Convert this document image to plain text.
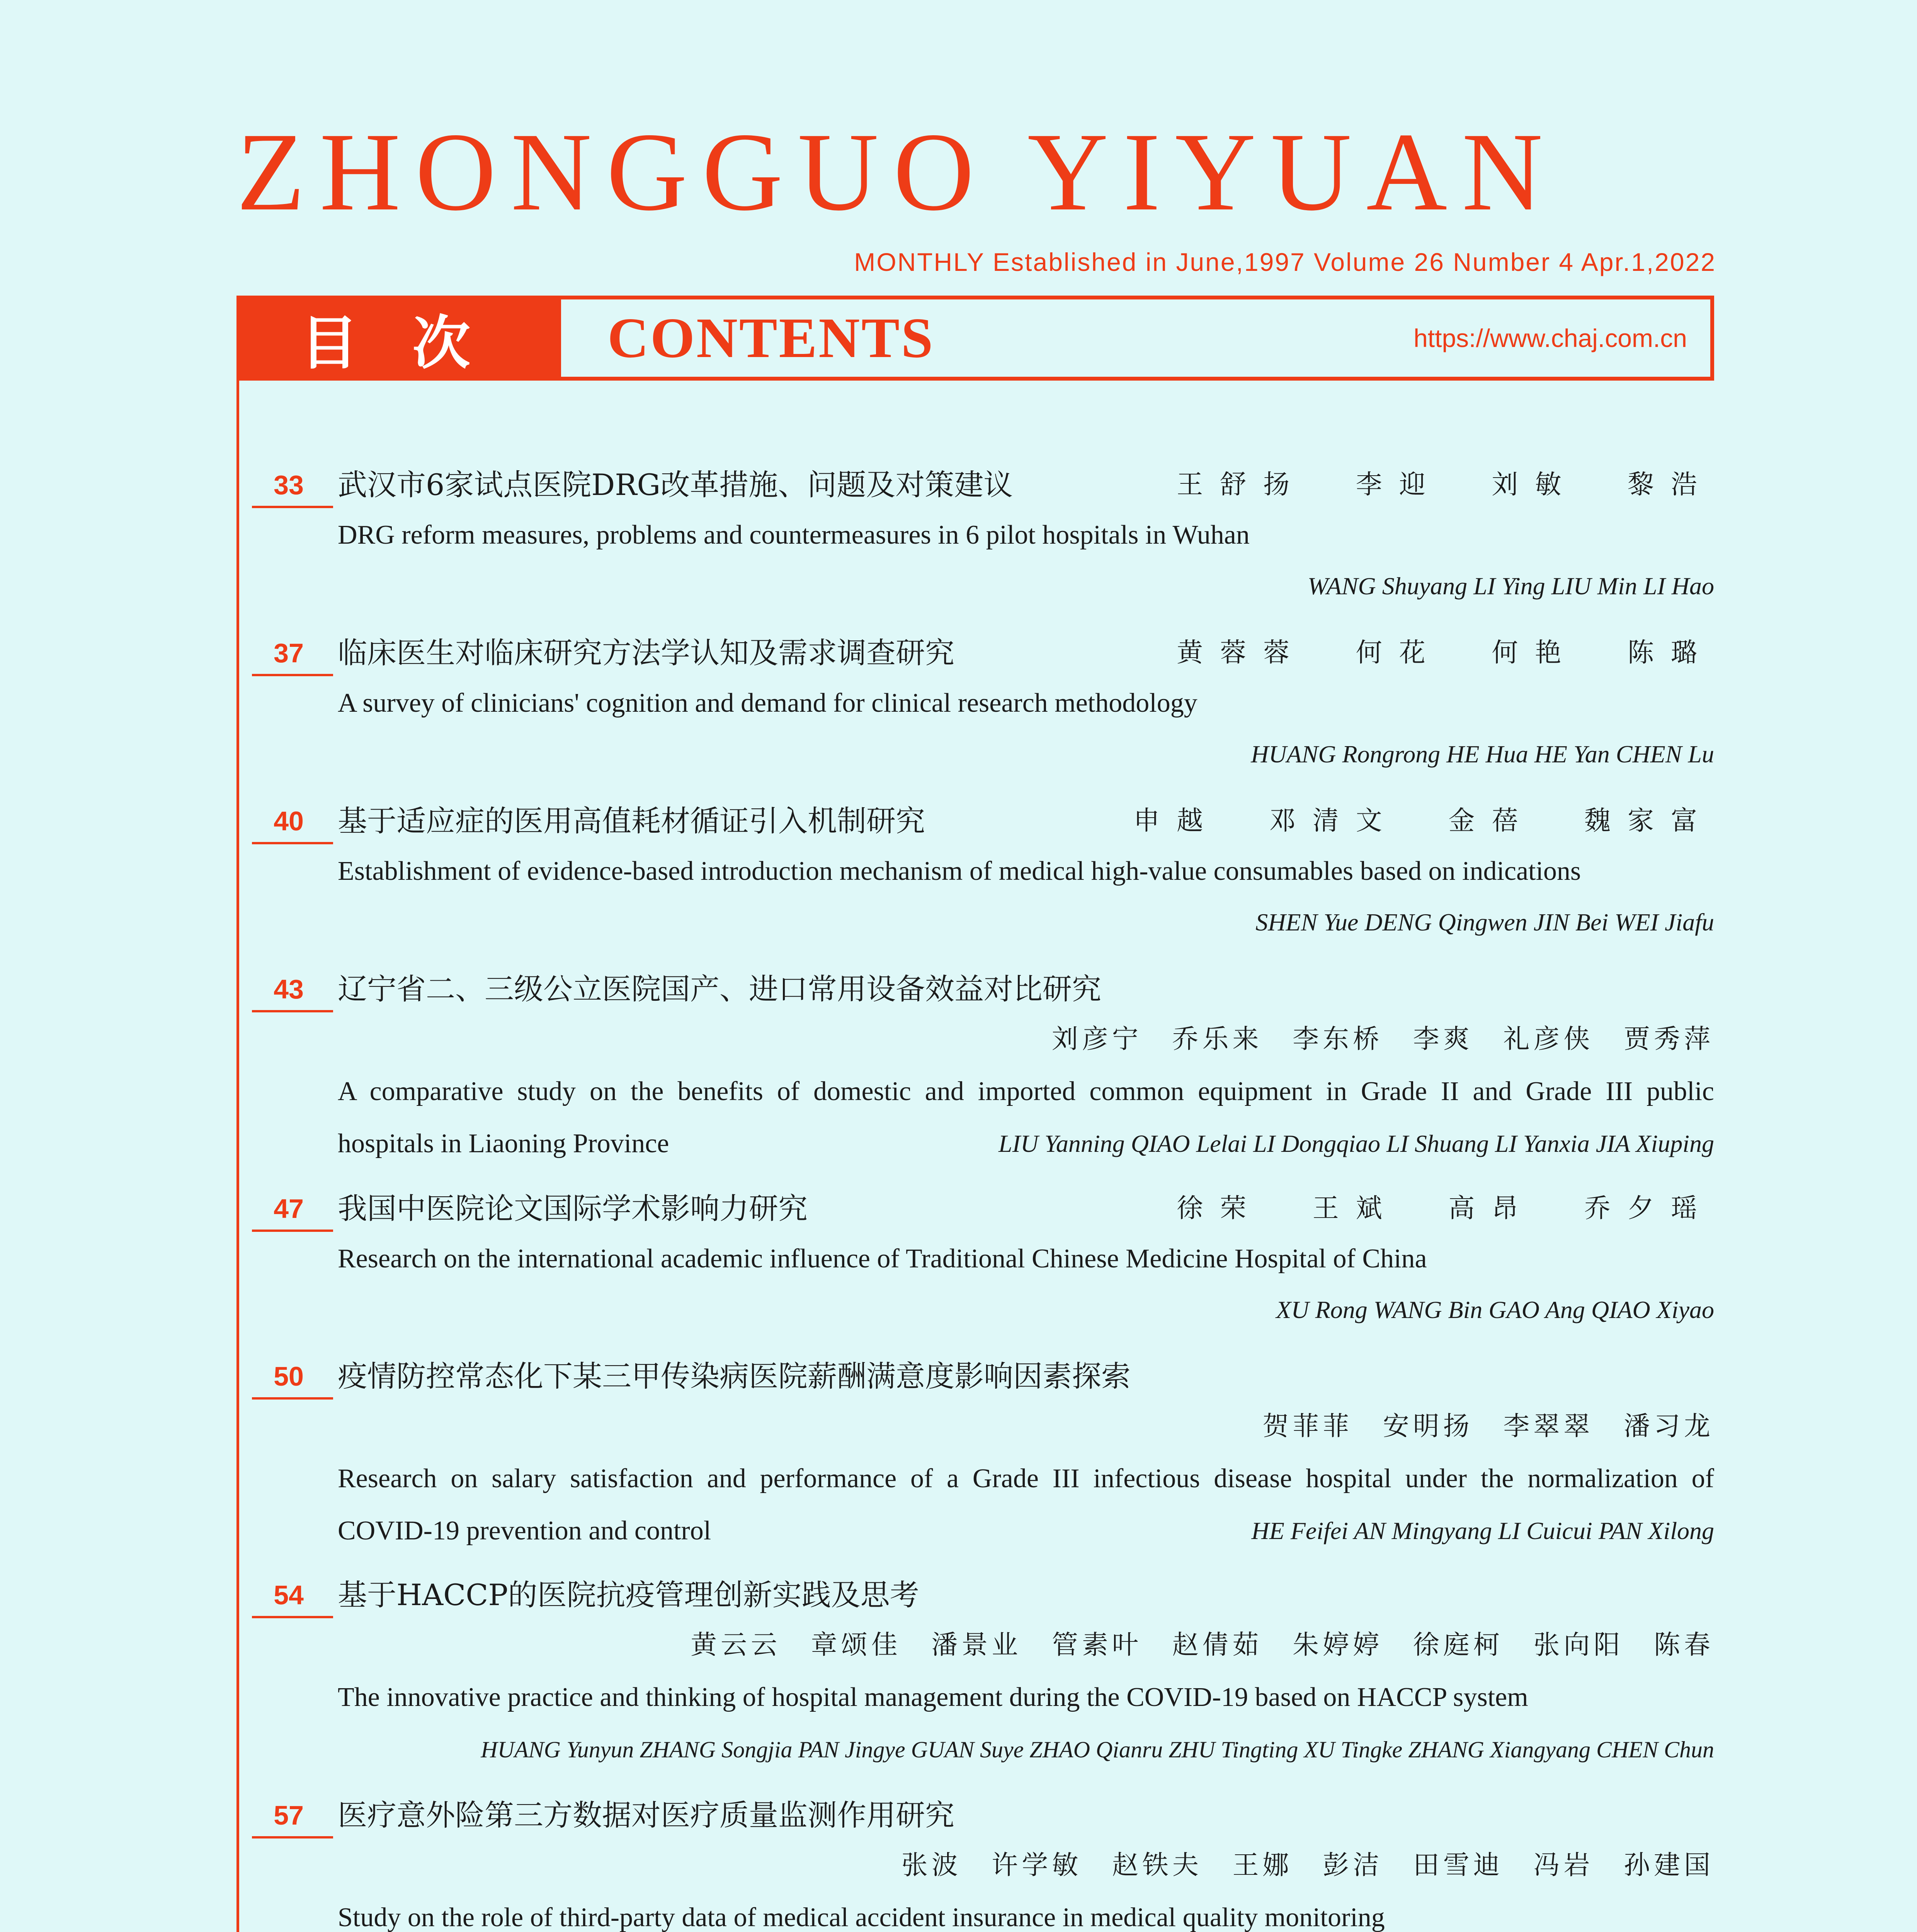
ZHONGGUO YIYUAN
MONTHLY Established in June,1997 Volume 26 Number 4 Apr.1,2022
目次	CONTENTS	https://www.chaj.com.cn
33	武汉市6家试点医院DRG改革措施、问题及对策建议	王舒扬 李迎 刘敏 黎浩
DRG reform measures, problems and countermeasures in 6 pilot hospitals in Wuhan
WANG Shuyang LI Ying LIU Min LI Hao
37	临床医生对临床研究方法学认知及需求调查研究	黄蓉蓉 何花 何艳 陈璐
A survey of clinicians' cognition and demand for clinical research methodology
HUANG Rongrong HE Hua HE Yan CHEN Lu
40	基于适应症的医用高值耗材循证引入机制研究	申越 邓清文 金蓓 魏家富
Establishment of evidence-based introduction mechanism of medical high-value consumables based on indications
SHEN Yue DENG Qingwen JIN Bei WEI Jiafu
43	辽宁省二、三级公立医院国产、进口常用设备效益对比研究
刘彦宁 乔乐来 李东桥 李爽 礼彦侠 贾秀萍
A comparative study on the benefits of domestic and imported common equipment in Grade II and Grade III public
hospitals in Liaoning Province	LIU Yanning QIAO Lelai LI Dongqiao LI Shuang LI Yanxia JIA Xiuping
47	我国中医院论文国际学术影响力研究	徐荣 王斌 高昂 乔夕瑶
Research on the international academic influence of Traditional Chinese Medicine Hospital of China
XU Rong WANG Bin GAO Ang QIAO Xiyao
50	疫情防控常态化下某三甲传染病医院薪酬满意度影响因素探索
贺菲菲 安明扬 李翠翠 潘习龙
Research on salary satisfaction and performance of a Grade III infectious disease hospital under the normalization of
COVID-19 prevention and control	HE Feifei AN Mingyang LI Cuicui PAN Xilong
54	基于HACCP的医院抗疫管理创新实践及思考
黄云云 章颂佳 潘景业 管素叶 赵倩茹 朱婷婷 徐庭柯 张向阳 陈春
The innovative practice and thinking of hospital management during the COVID-19 based on HACCP system
HUANG Yunyun ZHANG Songjia PAN Jingye GUAN Suye ZHAO Qianru ZHU Tingting XU Tingke ZHANG Xiangyang CHEN Chun
57	医疗意外险第三方数据对医疗质量监测作用研究
张波 许学敏 赵铁夫 王娜 彭洁 田雪迪 冯岩 孙建国
Study on the role of third-party data of medical accident insurance in medical quality monitoring
